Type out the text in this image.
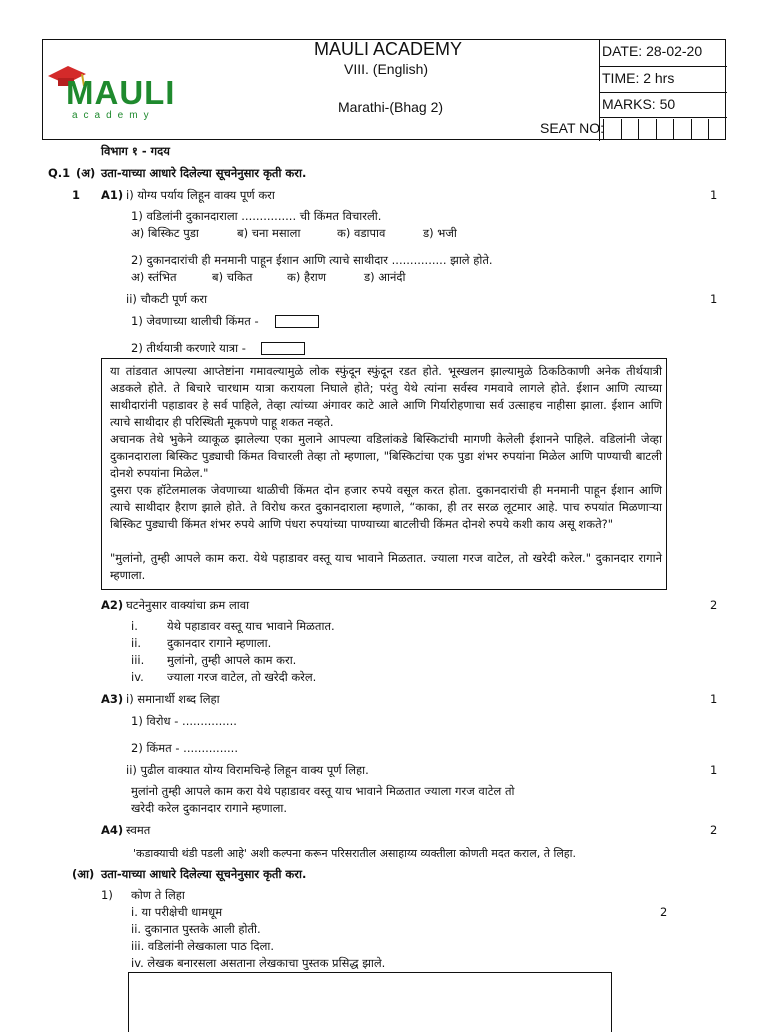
MAULI
academy
MAULI ACADEMY
VIII. (English)
Marathi-(Bhag 2)
SEAT NO:
DATE: 28-02-20
TIME: 2 hrs
MARKS: 50
विभाग १ - गदय
Q.1 (अ) उता-याच्या आधारे दिलेल्या सूचनेनुसार कृती करा.
1 A1) i) योग्य पर्याय लिहून वाक्य पूर्ण करा	1
1) वडिलांनी दुकानदाराला ............... ची किंमत विचारली.
अ) बिस्किट पुडा	ब) चना मसाला	क) वडापाव	ड) भजी
2) दुकानदारांची ही मनमानी पाहून ईशान आणि त्याचे साथीदार ............... झाले होते.
अ) स्तंभित	ब) चकित	क) हैराण	ड) आनंदी
ii) चौकटी पूर्ण करा	1
1) जेवणाच्या थालीची किंमत -
2) तीर्थयात्री करणारे यात्रा -

या तांडवात आपल्या आप्तेष्टांना गमावल्यामुळे लोक स्फुंदून स्फुंदून रडत होते. भूस्खलन झाल्यामुळे ठिकठिकाणी अनेक तीर्थयात्री अडकले होते. ते बिचारे चारधाम यात्रा करायला निघाले होते; परंतु येथे त्यांना सर्वस्व गमवावे लागले होते. ईशान आणि त्याच्या साथीदारांनी पहाडावर हे सर्व पाहिले, तेव्हा त्यांच्या अंगावर काटे आले आणि गिर्यारोहणाचा सर्व उत्साहच नाहीसा झाला. ईशान आणि त्याचे साथीदार ही परिस्थिती मूकपणे पाहू शकत नव्हते.

अचानक तेथे भुकेने व्याकूळ झालेल्या एका मुलाने आपल्या वडिलांकडे बिस्किटांची मागणी केलेली ईशानने पाहिले. वडिलांनी जेव्हा दुकानदाराला बिस्किट पुड्याची किंमत विचारली तेव्हा तो म्हणाला, "बिस्किटांचा एक पुडा शंभर रुपयांना मिळेल आणि पाण्याची बाटली दोनशे रुपयांना मिळेल."

दुसरा एक हॉटेलमालक जेवणाच्या थाळीची किंमत दोन हजार रुपये वसूल करत होता. दुकानदारांची ही मनमानी पाहून ईशान आणि त्याचे साथीदार हैराण झाले होते. ते विरोध करत दुकानदाराला म्हणाले, “काका, ही तर सरळ लूटमार आहे. पाच रुपयांत मिळणाऱ्या बिस्किट पुड्याची किंमत शंभर रुपये आणि पंधरा रुपयांच्या पाण्याच्या बाटलीची किंमत दोनशे रुपये कशी काय असू शकते?"

"मुलांनो, तुम्ही आपले काम करा. येथे पहाडावर वस्तू याच भावाने मिळतात. ज्याला गरज वाटेल, तो खरेदी करेल." दुकानदार रागाने म्हणाला.

A2) घटनेनुसार वाक्यांचा क्रम लावा	2
i.	येथे पहाडावर वस्तू याच भावाने मिळतात.
ii. दुकानदार रागाने म्हणाला.
iii. मुलांनो, तुम्ही आपले काम करा.
iv. ज्याला गरज वाटेल, तो खरेदी करेल.
A3) i) समानार्थी शब्द लिहा	1
1) विरोध - ...............
2) किंमत - ...............
ii) पुढील वाक्यात योग्य विरामचिन्हे लिहून वाक्य पूर्ण लिहा.	1
मुलांनो तुम्ही आपले काम करा येथे पहाडावर वस्तू याच भावाने मिळतात ज्याला गरज वाटेल तो
खरेदी करेल दुकानदार रागाने म्हणाला.
A4) स्वमत	2
'कडाक्याची थंडी पडली आहे' अशी कल्पना करून परिसरातील असाहाय्य व्यक्तीला कोणती मदत कराल, ते लिहा.
(आ) उता-याच्या आधारे दिलेल्या सूचनेनुसार कृती करा.
1) कोण ते लिहा
2
i. या परीक्षेची धामधूम
ii. दुकानात पुस्तके आली होती.
iii. वडिलांनी लेखकाला पाठ दिला.
iv. लेखक बनारसला असताना लेखकाचा पुस्तक प्रसिद्ध झाले.
